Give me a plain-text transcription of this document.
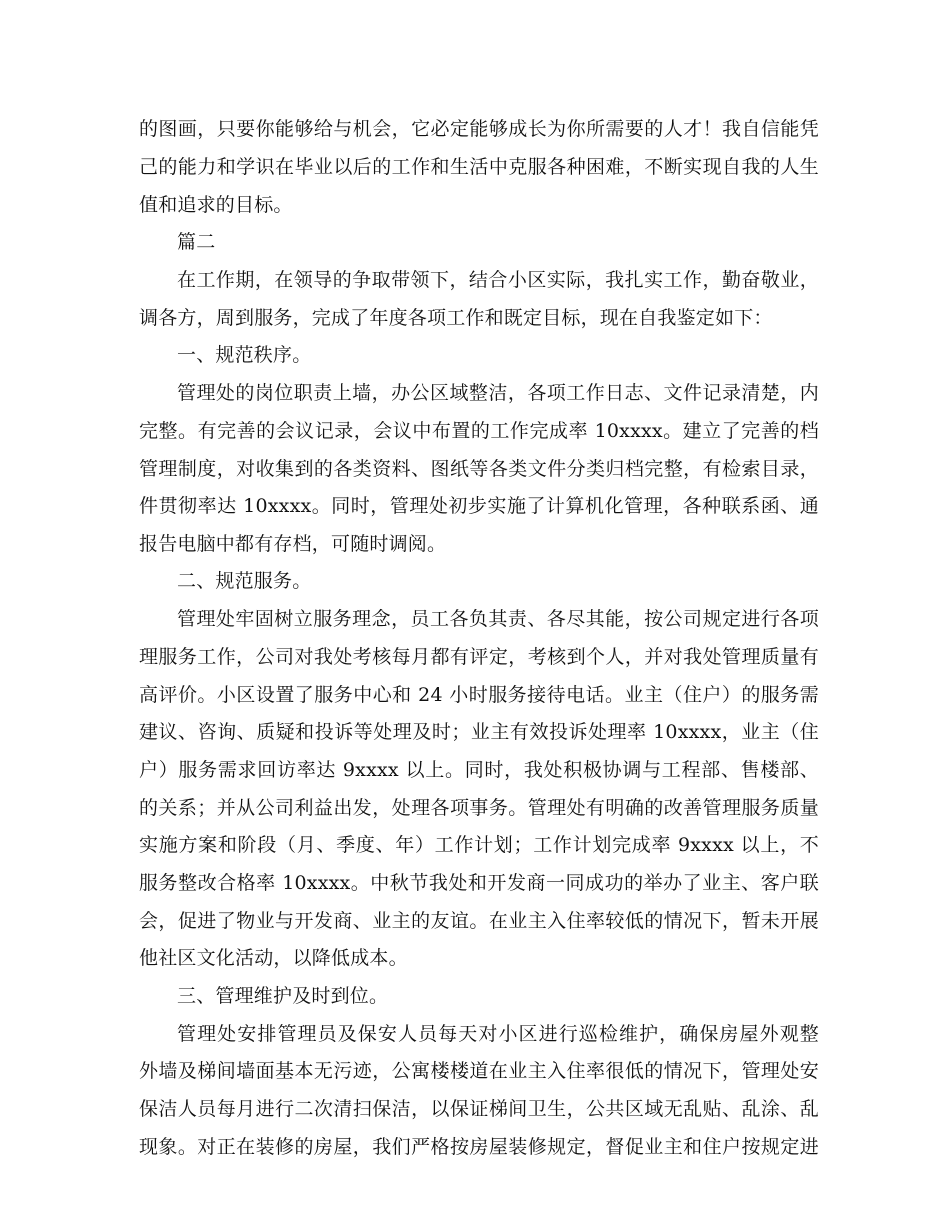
的图画，只要你能够给与机会，它必定能够成长为你所需要的人才！我自信能凭
己的能力和学识在毕业以后的工作和生活中克服各种困难，不断实现自我的人生
值和追求的目标。
篇二
在工作期，在领导的争取带领下，结合小区实际，我扎实工作，勤奋敬业，
调各方，周到服务，完成了年度各项工作和既定目标，现在自我鉴定如下：
一、规范秩序。
管理处的岗位职责上墙，办公区域整洁，各项工作日志、文件记录清楚，内
完整。有完善的会议记录，会议中布置的工作完成率 10xxxx。建立了完善的档
管理制度，对收集到的各类资料、图纸等各类文件分类归档完整，有检索目录，
件贯彻率达 10xxxx。同时，管理处初步实施了计算机化管理，各种联系函、通
报告电脑中都有存档，可随时调阅。
二、规范服务。
管理处牢固树立服务理念，员工各负其责、各尽其能，按公司规定进行各项
理服务工作，公司对我处考核每月都有评定，考核到个人，并对我处管理质量有
高评价。小区设置了服务中心和 24 小时服务接待电话。业主（住户）的服务需
建议、咨询、质疑和投诉等处理及时；业主有效投诉处理率 10xxxx，业主（住
户）服务需求回访率达 9xxxx 以上。同时，我处积极协调与工程部、售楼部、
的关系；并从公司利益出发，处理各项事务。管理处有明确的改善管理服务质量
实施方案和阶段（月、季度、年）工作计划；工作计划完成率 9xxxx 以上，不
服务整改合格率 10xxxx。中秋节我处和开发商一同成功的举办了业主、客户联
会，促进了物业与开发商、业主的友谊。在业主入住率较低的情况下，暂未开展
他社区文化活动，以降低成本。
三、管理维护及时到位。
管理处安排管理员及保安人员每天对小区进行巡检维护，确保房屋外观整
外墙及梯间墙面基本无污迹，公寓楼楼道在业主入住率很低的情况下，管理处安
保洁人员每月进行二次清扫保洁，以保证梯间卫生，公共区域无乱贴、乱涂、乱
现象。对正在装修的房屋，我们严格按房屋装修规定，督促业主和住户按规定进
